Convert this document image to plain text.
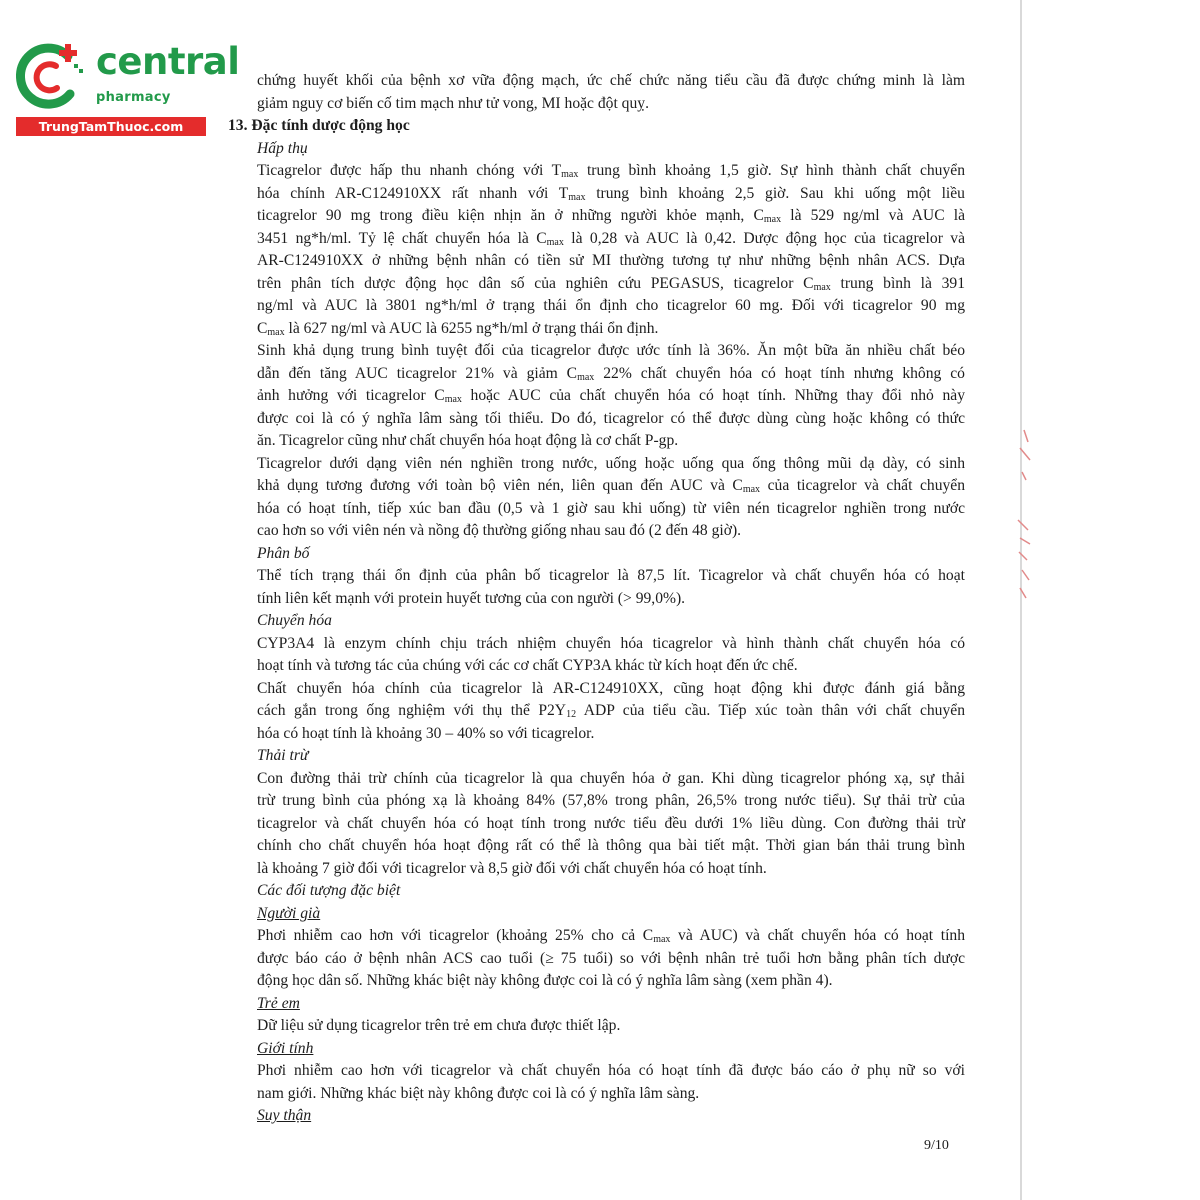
central
pharmacy
TrungTamThuoc.com
chứng huyết khối của bệnh xơ vữa động mạch, ức chế chức năng tiểu cầu đã được chứng minh là làm
giảm nguy cơ biến cố tim mạch như tử vong, MI hoặc đột quỵ.
13. Đặc tính dược động học
Hấp thụ
Ticagrelor được hấp thu nhanh chóng với $T_{max}$ trung bình khoảng 1,5 giờ. Sự hình thành chất chuyển
hóa chính AR-C124910XX rất nhanh với $T_{max}$ trung bình khoảng 2,5 giờ. Sau khi uống một liều
ticagrelor 90 mg trong điều kiện nhịn ăn ở những người khỏe mạnh, $C_{max}$ là 529 ng/ml và AUC là
3451 ng*h/ml. Tỷ lệ chất chuyển hóa là $C_{max}$ là 0,28 và AUC là 0,42. Dược động học của ticagrelor và
AR-C124910XX ở những bệnh nhân có tiền sử MI thường tương tự như những bệnh nhân ACS. Dựa
trên phân tích dược động học dân số của nghiên cứu PEGASUS, ticagrelor $C_{max}$ trung bình là 391
ng/ml và AUC là 3801 ng*h/ml ở trạng thái ổn định cho ticagrelor 60 mg. Đối với ticagrelor 90 mg
$C_{max}$ là 627 ng/ml và AUC là 6255 ng*h/ml ở trạng thái ổn định.
Sinh khả dụng trung bình tuyệt đối của ticagrelor được ước tính là 36%. Ăn một bữa ăn nhiều chất béo
dẫn đến tăng AUC ticagrelor 21% và giảm $C_{max}$ 22% chất chuyển hóa có hoạt tính nhưng không có
ảnh hưởng với ticagrelor $C_{max}$ hoặc AUC của chất chuyển hóa có hoạt tính. Những thay đổi nhỏ này
được coi là có ý nghĩa lâm sàng tối thiểu. Do đó, ticagrelor có thể được dùng cùng hoặc không có thức
ăn. Ticagrelor cũng như chất chuyển hóa hoạt động là cơ chất P-gp.
Ticagrelor dưới dạng viên nén nghiền trong nước, uống hoặc uống qua ống thông mũi dạ dày, có sinh
khả dụng tương đương với toàn bộ viên nén, liên quan đến AUC và $C_{max}$ của ticagrelor và chất chuyển
hóa có hoạt tính, tiếp xúc ban đầu (0,5 và 1 giờ sau khi uống) từ viên nén ticagrelor nghiền trong nước
cao hơn so với viên nén và nồng độ thường giống nhau sau đó (2 đến 48 giờ).
Phân bố
Thể tích trạng thái ổn định của phân bố ticagrelor là 87,5 lít. Ticagrelor và chất chuyển hóa có hoạt
tính liên kết mạnh với protein huyết tương của con người (> 99,0%).
Chuyển hóa
CYP3A4 là enzym chính chịu trách nhiệm chuyển hóa ticagrelor và hình thành chất chuyển hóa có
hoạt tính và tương tác của chúng với các cơ chất CYP3A khác từ kích hoạt đến ức chế.
Chất chuyển hóa chính của ticagrelor là AR-C124910XX, cũng hoạt động khi được đánh giá bằng
cách gắn trong ống nghiệm với thụ thể $P2Y_{12}$ ADP của tiểu cầu. Tiếp xúc toàn thân với chất chuyển
hóa có hoạt tính là khoảng 30 – 40% so với ticagrelor.
Thải trừ
Con đường thải trừ chính của ticagrelor là qua chuyển hóa ở gan. Khi dùng ticagrelor phóng xạ, sự thải
trừ trung bình của phóng xạ là khoảng 84% (57,8% trong phân, 26,5% trong nước tiểu). Sự thải trừ của
ticagrelor và chất chuyển hóa có hoạt tính trong nước tiểu đều dưới 1% liều dùng. Con đường thải trừ
chính cho chất chuyển hóa hoạt động rất có thể là thông qua bài tiết mật. Thời gian bán thải trung bình
là khoảng 7 giờ đối với ticagrelor và 8,5 giờ đối với chất chuyển hóa có hoạt tính.
Các đối tượng đặc biệt
Người già
Phơi nhiễm cao hơn với ticagrelor (khoảng 25% cho cả $C_{max}$ và AUC) và chất chuyển hóa có hoạt tính
được báo cáo ở bệnh nhân ACS cao tuổi (≥ 75 tuổi) so với bệnh nhân trẻ tuổi hơn bằng phân tích dược
động học dân số. Những khác biệt này không được coi là có ý nghĩa lâm sàng (xem phần 4).
Trẻ em
Dữ liệu sử dụng ticagrelor trên trẻ em chưa được thiết lập.
Giới tính
Phơi nhiễm cao hơn với ticagrelor và chất chuyển hóa có hoạt tính đã được báo cáo ở phụ nữ so với
nam giới. Những khác biệt này không được coi là có ý nghĩa lâm sàng.
Suy thận
9/10
